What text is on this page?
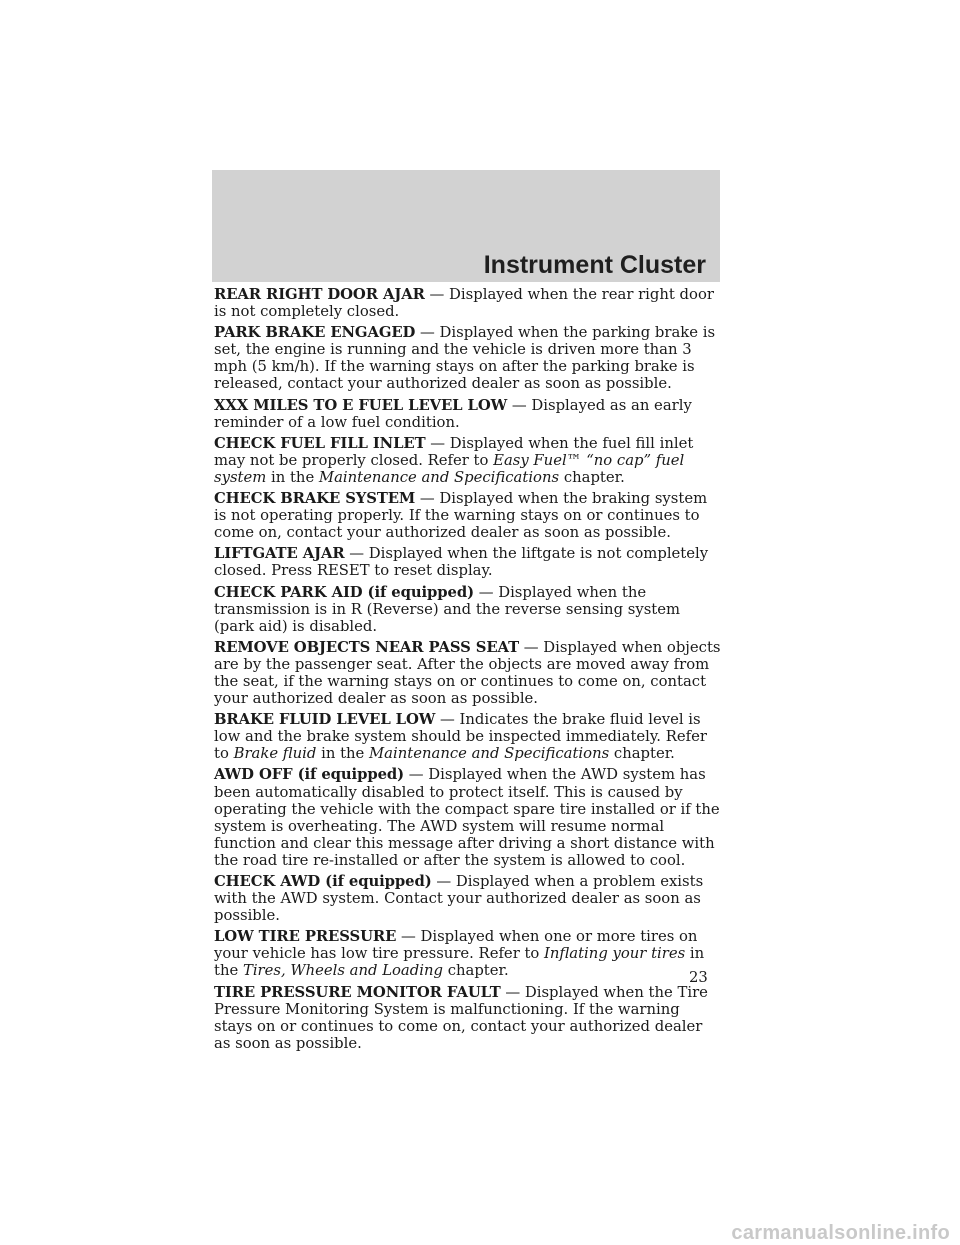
Instrument Cluster

REAR RIGHT DOOR AJAR — Displayed when the rear right door is not completely closed.

PARK BRAKE ENGAGED — Displayed when the parking brake is set, the engine is running and the vehicle is driven more than 3 mph (5 km/h). If the warning stays on after the parking brake is released, contact your authorized dealer as soon as possible.

XXX MILES TO E FUEL LEVEL LOW — Displayed as an early reminder of a low fuel condition.

CHECK FUEL FILL INLET — Displayed when the fuel fill inlet may not be properly closed. Refer to Easy Fuel™ “no cap” fuel system in the Maintenance and Specifications chapter.

CHECK BRAKE SYSTEM — Displayed when the braking system is not operating properly. If the warning stays on or continues to come on, contact your authorized dealer as soon as possible.

LIFTGATE AJAR — Displayed when the liftgate is not completely closed. Press RESET to reset display.

CHECK PARK AID (if equipped) — Displayed when the transmission is in R (Reverse) and the reverse sensing system (park aid) is disabled.

REMOVE OBJECTS NEAR PASS SEAT — Displayed when objects are by the passenger seat. After the objects are moved away from the seat, if the warning stays on or continues to come on, contact your authorized dealer as soon as possible.

BRAKE FLUID LEVEL LOW — Indicates the brake fluid level is low and the brake system should be inspected immediately. Refer to Brake fluid in the Maintenance and Specifications chapter.

AWD OFF (if equipped) — Displayed when the AWD system has been automatically disabled to protect itself. This is caused by operating the vehicle with the compact spare tire installed or if the system is overheating. The AWD system will resume normal function and clear this message after driving a short distance with the road tire re-installed or after the system is allowed to cool.

CHECK AWD (if equipped) — Displayed when a problem exists with the AWD system. Contact your authorized dealer as soon as possible.

LOW TIRE PRESSURE — Displayed when one or more tires on your vehicle has low tire pressure. Refer to Inflating your tires in the Tires, Wheels and Loading chapter.

TIRE PRESSURE MONITOR FAULT — Displayed when the Tire Pressure Monitoring System is malfunctioning. If the warning stays on or continues to come on, contact your authorized dealer as soon as possible.

23
carmanualsonline.info
